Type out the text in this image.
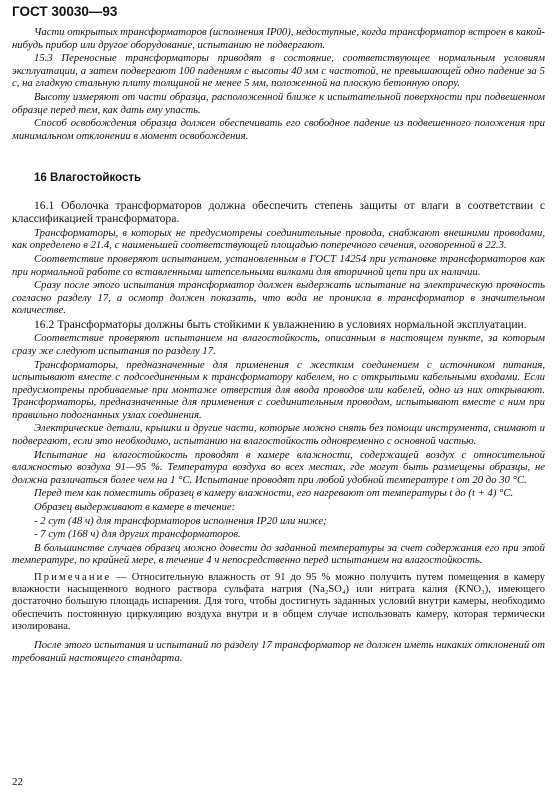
ГОСТ 30030—93

Части открытых трансформаторов (исполнения IP00), недоступные, когда трансформатор встроен в какой-нибудь прибор или другое оборудование, испытанию не подвергают.

15.3 Переносные трансформаторы приводят в состояние, соответствующее нормальным условиям эксплуатации, а затем подвергают 100 падениям с высоты 40 мм с частотой, не превышающей одно падение за 5 с, на гладкую стальную плиту толщиной не менее 5 мм, положенной на плоскую бетонную опору.

Высоту измеряют от части образца, расположенной ближе к испытательной поверхности при подвешенном образце перед тем, как дать ему упасть.

Способ освобождения образца должен обеспечивать его свободное падение из подвешенного положения при минимальном отклонении в момент освобождения.

16 Влагостойкость

16.1 Оболочка трансформаторов должна обеспечить степень защиты от влаги в соответствии с классификацией трансформатора.

Трансформаторы, в которых не предусмотрены соединительные провода, снабжают внешними проводами, как определено в 21.4, с наименьшей соответствующей площадью поперечного сечения, оговоренной в 22.3.

Соответствие проверяют испытанием, установленным в ГОСТ 14254 при установке трансформаторов как при нормальной работе со вставленными штепсельными вилками для вторичной цепи при их наличии.

Сразу после этого испытания трансформатор должен выдержать испытание на электрическую прочность согласно разделу 17, а осмотр должен показать, что вода не проникла в трансформатор в значительном количестве.

16.2 Трансформаторы должны быть стойкими к увлажнению в условиях нормальной эксплуатации.

Соответствие проверяют испытанием на влагостойкость, описанным в настоящем пункте, за которым сразу же следуют испытания по разделу 17.

Трансформаторы, предназначенные для применения с жестким соединением с источником питания, испытывают вместе с подсоединенным к трансформатору кабелем, но с открытыми кабельными входами. Если предусмотрены пробиваемые при монтаже отверстия для ввода проводов или кабелей, одно из них открывают. Трансформаторы, предназначенные для применения с соединительным проводом, испытывают вместе с ним при правильно подогнанных узлах соединения.

Электрические детали, крышки и другие части, которые можно снять без помощи инструмента, снимают и подвергают, если это необходимо, испытанию на влагостойкость одновременно с основной частью.

Испытание на влагостойкость проводят в камере влажности, содержащей воздух с относительной влажностью воздуха 91—95 %. Температура воздуха во всех местах, где могут быть размещены образцы, не должна различаться более чем на 1 °С. Испытание проводят при любой удобной температуре t от 20 до 30 °С.

Перед тем как поместить образец в камеру влажности, его нагревают от температуры t до (t + 4) °С.

Образец выдерживают в камере в течение:

- 2 сут (48 ч) для трансформаторов исполнения IP20 или ниже;

- 7 сут (168 ч) для других трансформаторов.

В большинстве случаев образец можно довести до заданной температуры за счет содержания его при этой температуре, по крайней мере, в течение 4 ч непосредственно перед испытанием на влагостойкость.

Примечание — Относительную влажность от 91 до 95 % можно получить путем помещения в камеру влажности насыщенного водного раствора сульфата натрия (Na₂SO₄) или нитрата калия (KNO₃), имеющего достаточно большую площадь испарения. Для того, чтобы достигнуть заданных условий внутри камеры, необходимо обеспечить постоянную циркуляцию воздуха внутри и в общем случае использовать камеру, которая термически изолирована.

После этого испытания и испытаний по разделу 17 трансформатор не должен иметь никаких отклонений от требований настоящего стандарта.

22
